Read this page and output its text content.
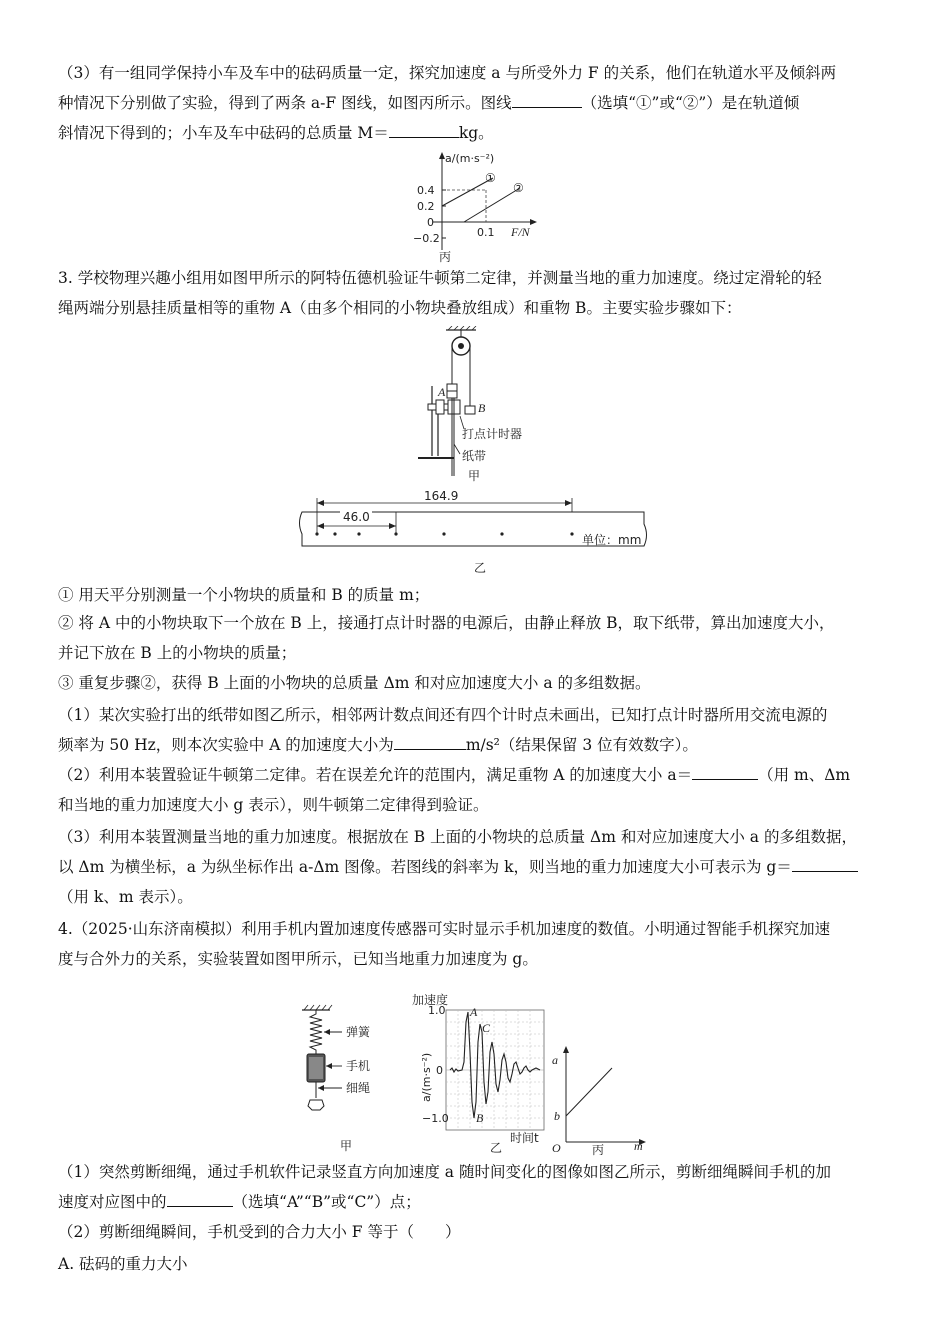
（3）有一组同学保持小车及车中的砝码质量一定，探究加速度 a 与所受外力 F 的关系，他们在轨道水平及倾斜两
种情况下分别做了实验，得到了两条 a-F 图线，如图丙所示。图线	（选填“①”或“②”）是在轨道倾
斜情况下得到的；小车及车中砝码的总质量 M＝	kg。
a/(m·s⁻²)
0.4
0.2
0
−0.2	0.1 F/N
①
②
丙
3. 学校物理兴趣小组用如图甲所示的阿特伍德机验证牛顿第二定律，并测量当地的重力加速度。绕过定滑轮的轻
绳两端分别悬挂质量相等的重物 A（由多个相同的小物块叠放组成）和重物 B。主要实验步骤如下：
A
B
打点计时器
纸带
甲
164.9
46.0
单位：mm
乙
① 用天平分别测量一个小物块的质量和 B 的质量 m；
② 将 A 中的小物块取下一个放在 B 上，接通打点计时器的电源后，由静止释放 B，取下纸带，算出加速度大小，
并记下放在 B 上的小物块的质量；
③ 重复步骤②，获得 B 上面的小物块的总质量 Δm 和对应加速度大小 a 的多组数据。
（1）某次实验打出的纸带如图乙所示，相邻两计数点间还有四个计时点未画出，已知打点计时器所用交流电源的
频率为 50 Hz，则本次实验中 A 的加速度大小为	m/s²（结果保留 3 位有效数字）。
（2）利用本装置验证牛顿第二定律。若在误差允许的范围内，满足重物 A 的加速度大小 a＝	（用 m、Δm
和当地的重力加速度大小 g 表示），则牛顿第二定律得到验证。
（3）利用本装置测量当地的重力加速度。根据放在 B 上面的小物块的总质量 Δm 和对应加速度大小 a 的多组数据，
以 Δm 为横坐标，a 为纵坐标作出 a-Δm 图像。若图线的斜率为 k，则当地的重力加速度大小可表示为 g＝
（用 k、m 表示）。
4.（2025·山东济南模拟）利用手机内置加速度传感器可实时显示手机加速度的数值。小明通过智能手机探究加速
度与合外力的关系，实验装置如图甲所示，已知当地重力加速度为 g。
弹簧
手机
细绳
甲
加速度
1.0
0
−1.0
a/(m·s⁻²)
A
C
B
时间t
乙
a
b
O	m
丙
（1）突然剪断细绳，通过手机软件记录竖直方向加速度 a 随时间变化的图像如图乙所示，剪断细绳瞬间手机的加
速度对应图中的	（选填“A”“B”或“C”）点；
（2）剪断细绳瞬间，手机受到的合力大小 F 等于（　　）
A. 砝码的重力大小
